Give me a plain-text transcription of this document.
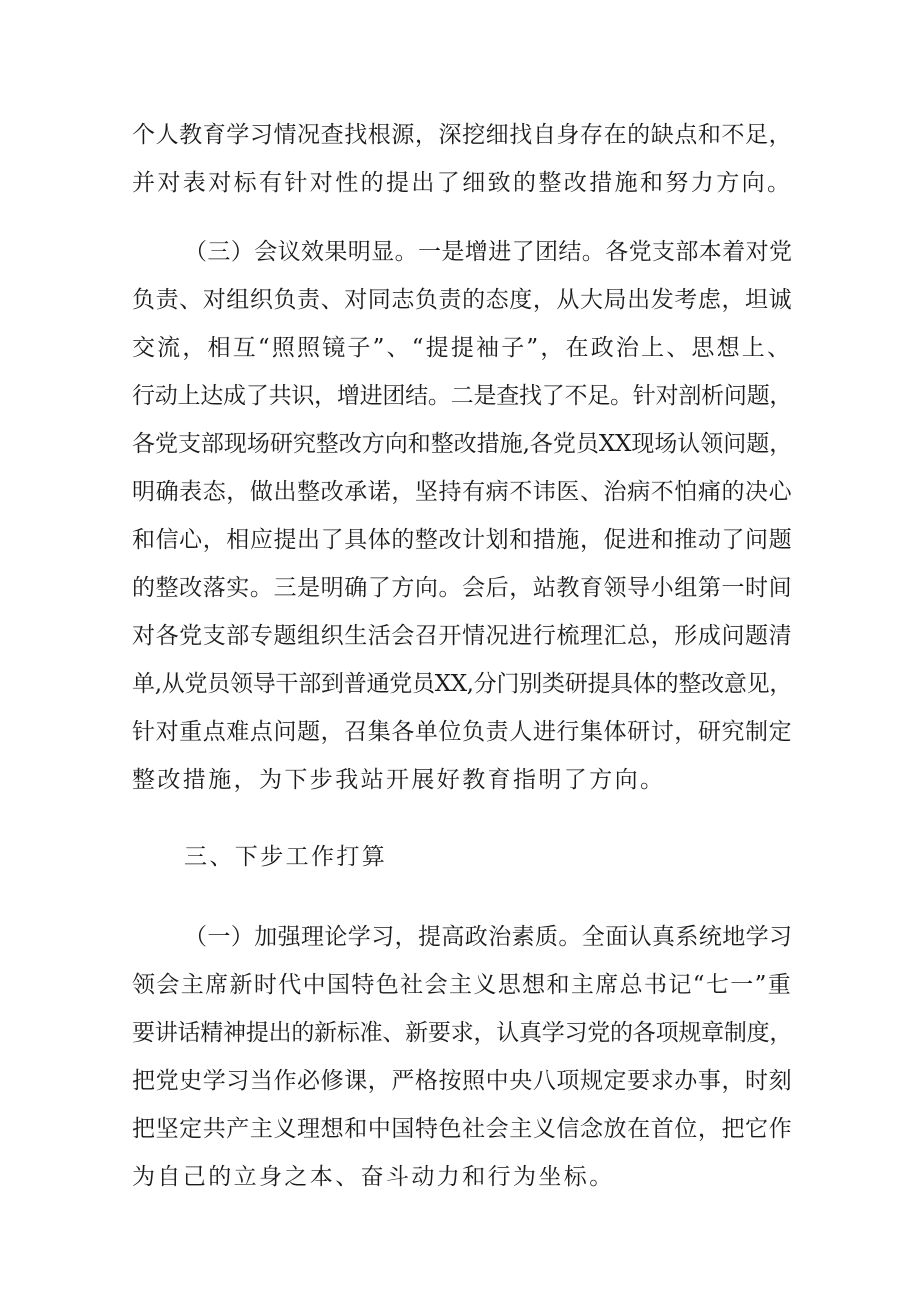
个人教育学习情况查找根源，深挖细找自身存在的缺点和不足，
并对表对标有针对性的提出了细致的整改措施和努力方向。
（三）会议效果明显。一是增进了团结。各党支部本着对党
负责、对组织负责、对同志负责的态度，从大局出发考虑，坦诚
交流，相互“照照镜子”、“提提袖子”，在政治上、思想上、
行动上达成了共识，增进团结。二是查找了不足。针对剖析问题，
各党支部现场研究整改方向和整改措施,各党员XX现场认领问题，
明确表态，做出整改承诺，坚持有病不讳医、治病不怕痛的决心
和信心，相应提出了具体的整改计划和措施，促进和推动了问题
的整改落实。三是明确了方向。会后，站教育领导小组第一时间
对各党支部专题组织生活会召开情况进行梳理汇总，形成问题清
单,从党员领导干部到普通党员XX,分门别类研提具体的整改意见，
针对重点难点问题，召集各单位负责人进行集体研讨，研究制定
整改措施，为下步我站开展好教育指明了方向。
三、下步工作打算
（一）加强理论学习，提高政治素质。全面认真系统地学习
领会主席新时代中国特色社会主义思想和主席总书记“七一”重
要讲话精神提出的新标准、新要求，认真学习党的各项规章制度，
把党史学习当作必修课，严格按照中央八项规定要求办事，时刻
把坚定共产主义理想和中国特色社会主义信念放在首位，把它作
为自己的立身之本、奋斗动力和行为坐标。
